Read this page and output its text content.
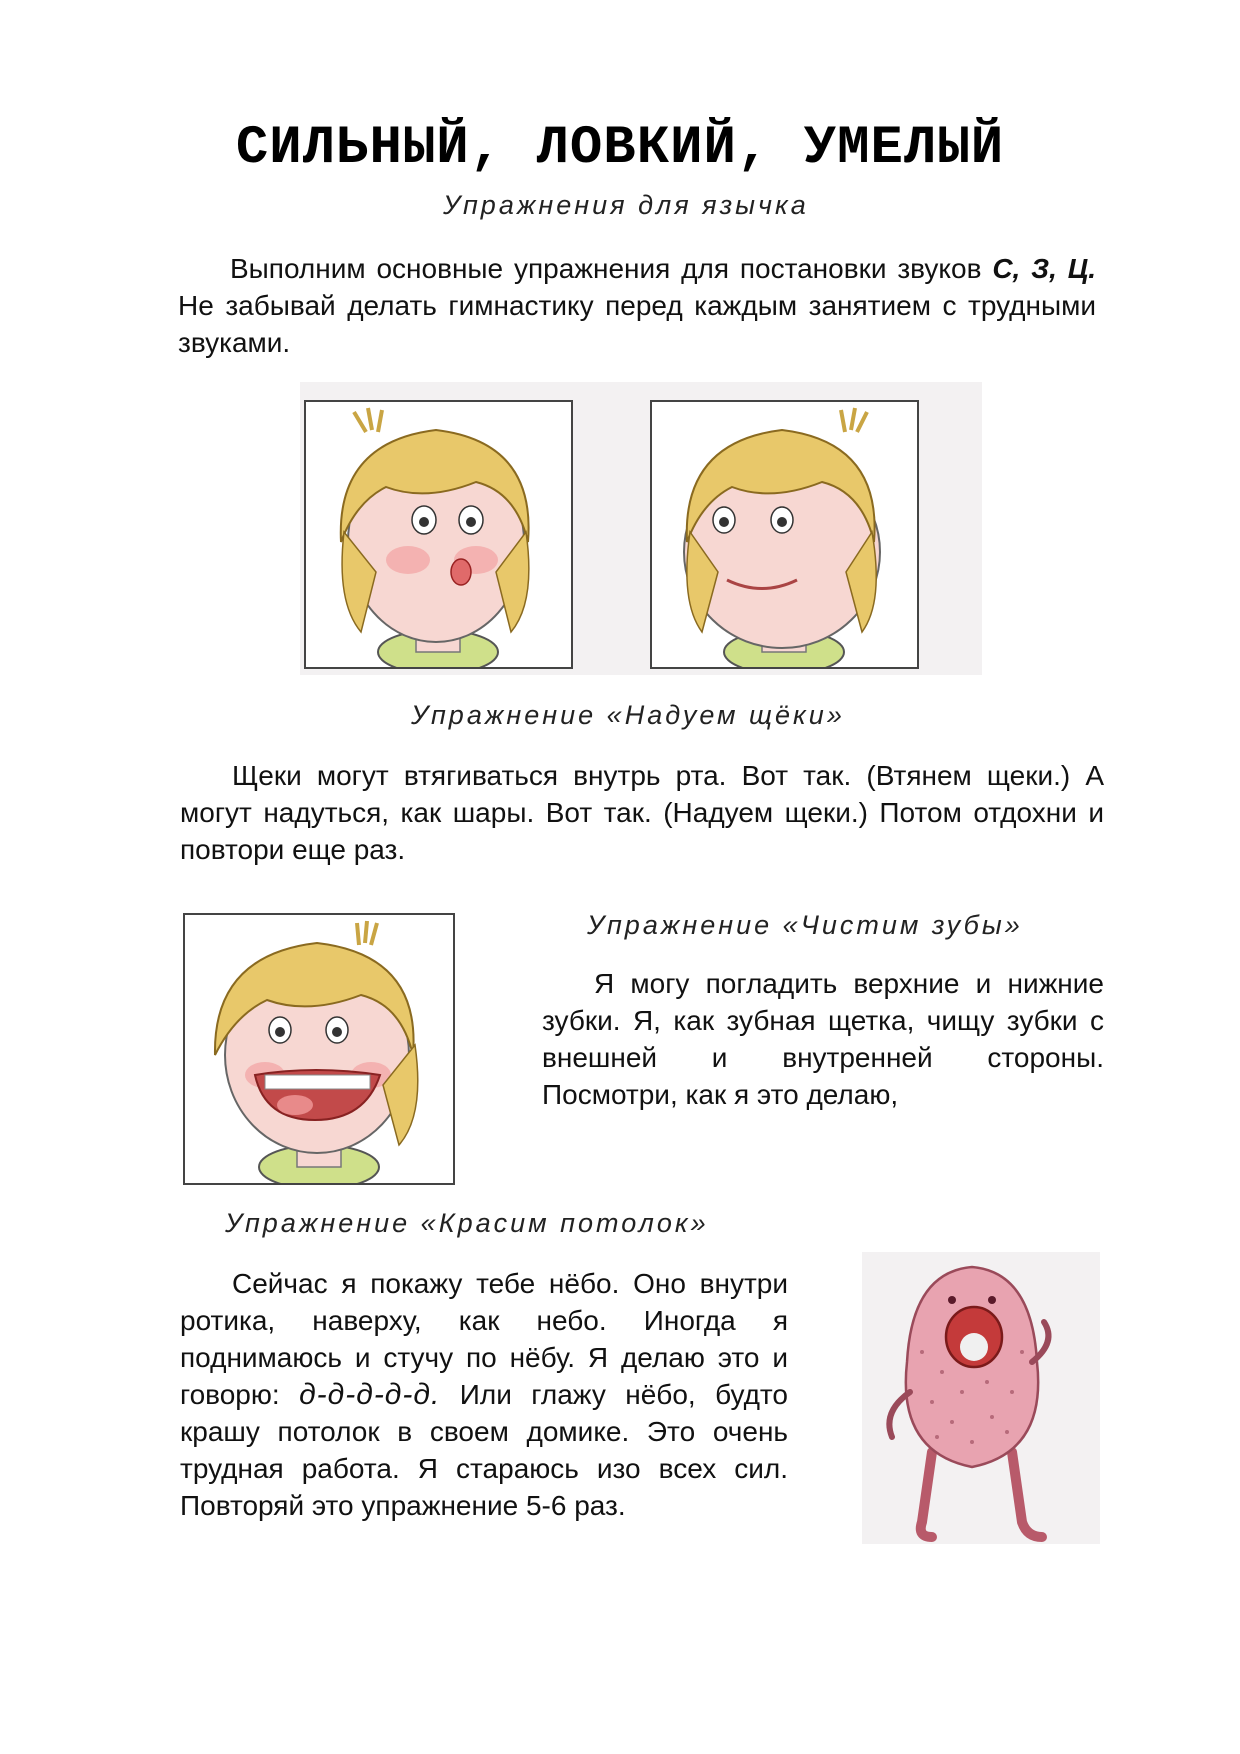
СИЛЬНЫЙ, ЛОВКИЙ, УМЕЛЫЙ
Упражнения для язычка
Выполним основные упражнения для постановки звуков С, З, Ц. Не забывай делать гимнастику перед каждым занятием с трудными звуками.
Упражнение «Надуем щёки»
Щеки могут втягиваться внутрь рта. Вот так. (Втянем щеки.) А могут надуться, как шары. Вот так. (Надуем щеки.) Потом отдохни и повтори еще раз.
Упражнение «Чистим зубы»
Я могу погладить верхние и нижние зубки. Я, как зубная щетка, чищу зубки с внешней и внутренней стороны. Посмотри, как я это делаю,
Упражнение «Красим потолок»
Сейчас я покажу тебе нёбо. Оно внутри ротика, наверху, как небо. Иногда я поднимаюсь и стучу по нёбу. Я делаю это и говорю: д-д-д-д-д. Или глажу нёбо, будто крашу потолок в своем домике. Это очень трудная работа. Я стараюсь изо всех сил. Повторяй это упражнение 5-6 раз.
